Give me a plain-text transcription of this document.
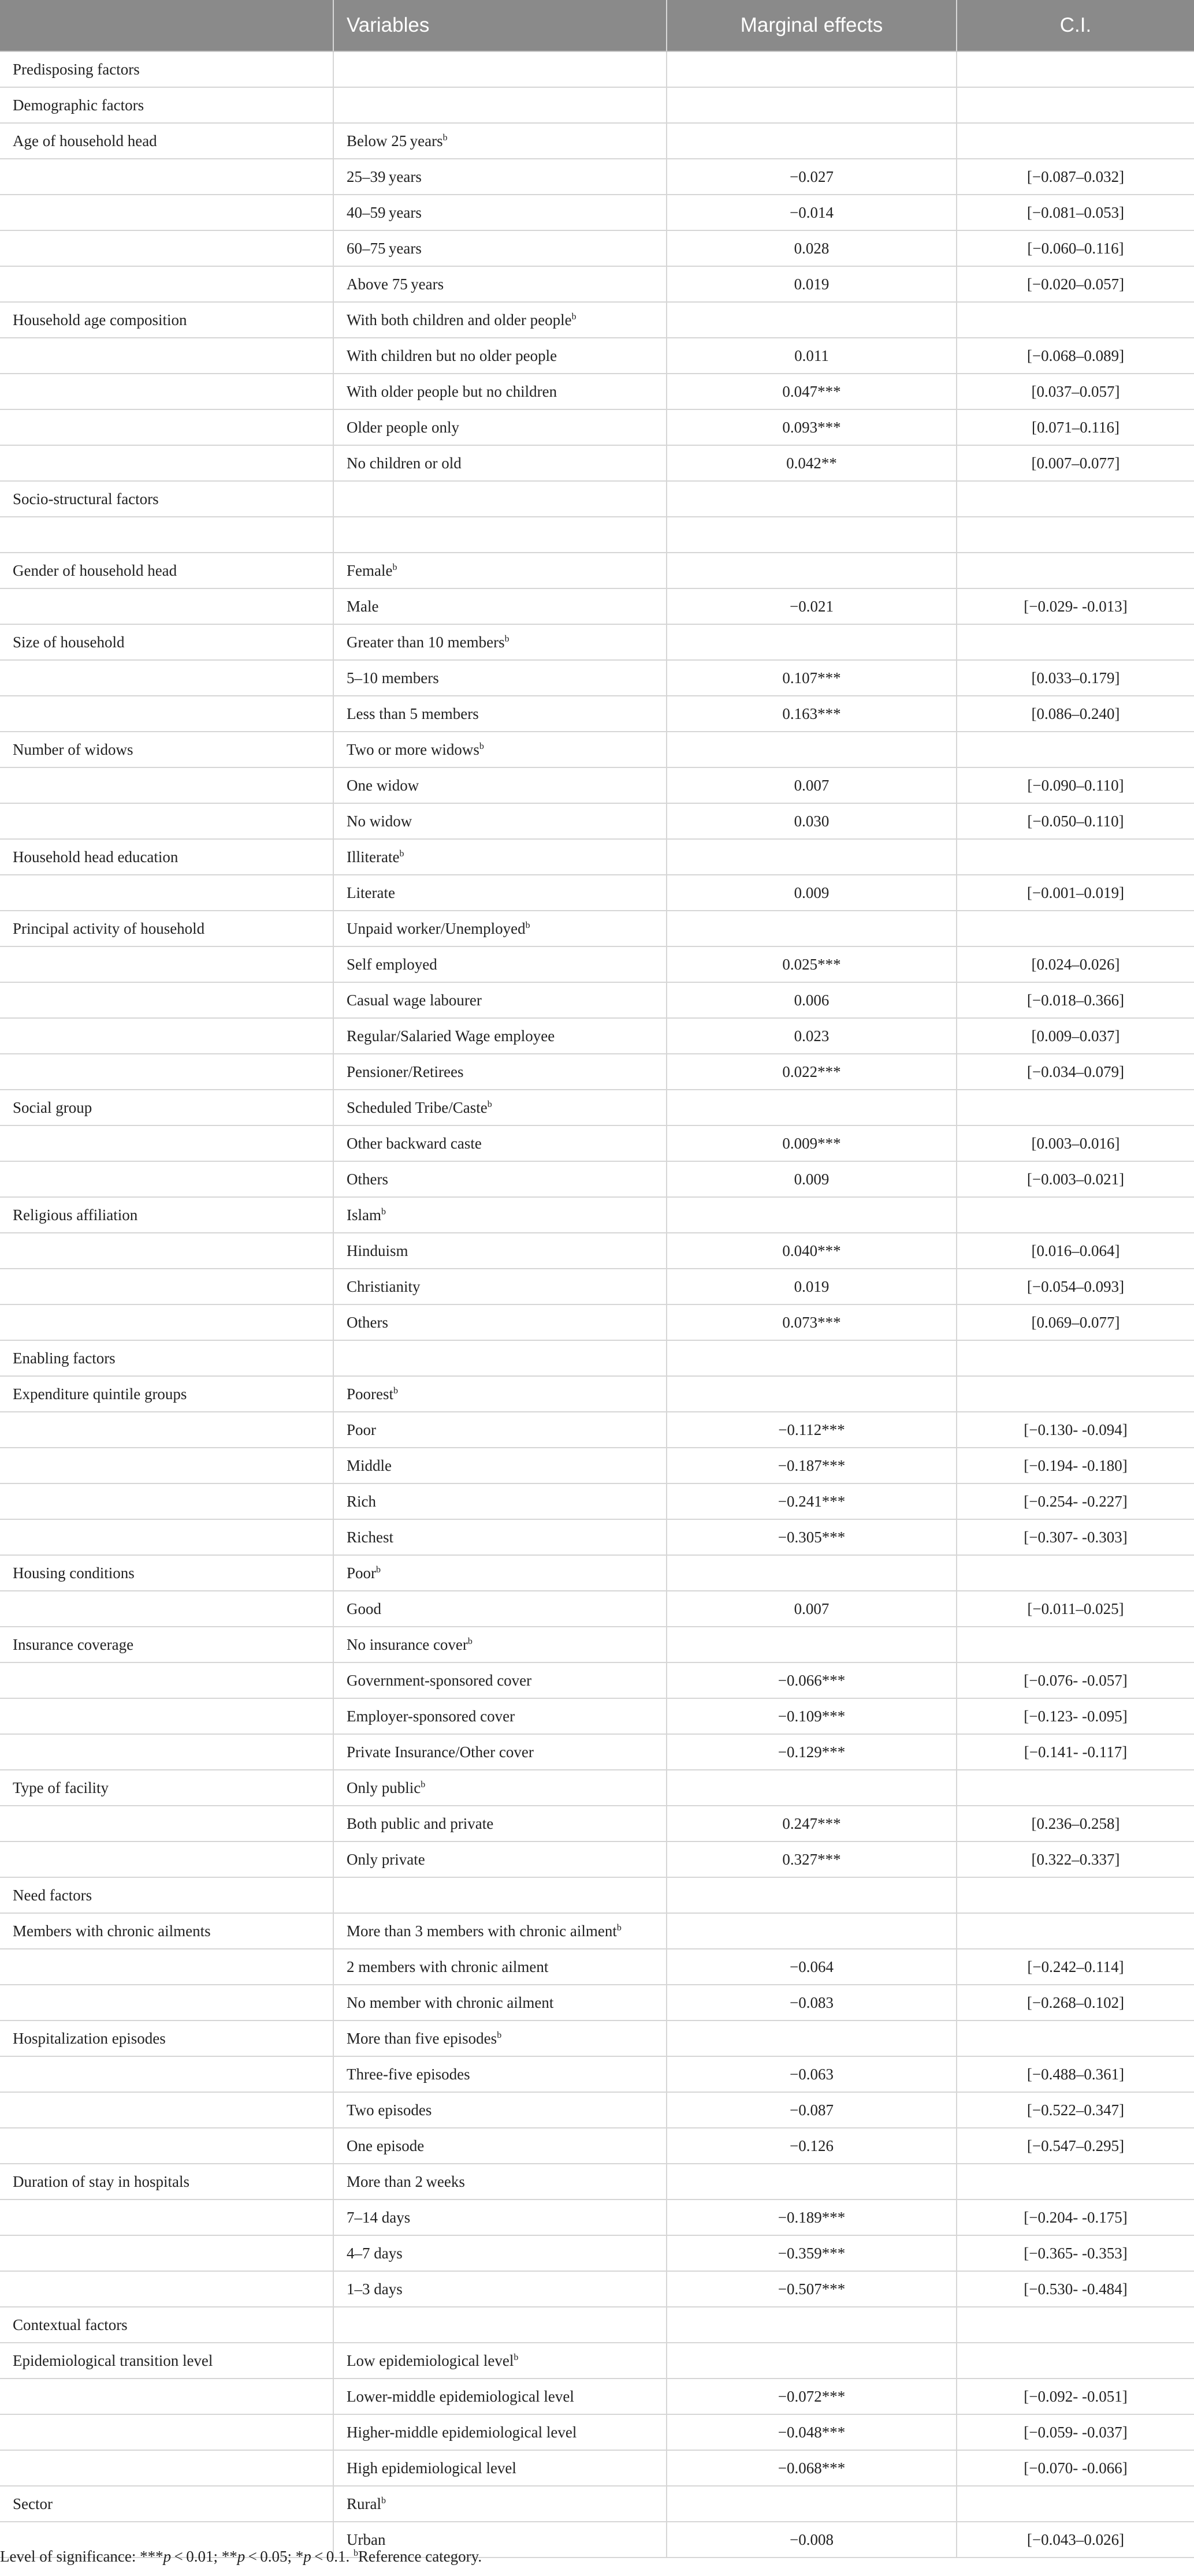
	Variables	Marginal effects	C.I.
Predisposing factors			
Demographic factors			
Age of household head	Below 25 years$^b$		
	25–39 years	−0.027	[−0.087–0.032]
	40–59 years	−0.014	[−0.081–0.053]
	60–75 years	0.028	[−0.060–0.116]
	Above 75 years	0.019	[−0.020–0.057]
Household age composition	With both children and older people$^b$		
	With children but no older people	0.011	[−0.068–0.089]
	With older people but no children	0.047***	[0.037–0.057]
	Older people only	0.093***	[0.071–0.116]
	No children or old	0.042**	[0.007–0.077]
Socio-structural factors			

Gender of household head	Female$^b$		
	Male	−0.021	[−0.029- -0.013]
Size of household	Greater than 10 members$^b$		
	5–10 members	0.107***	[0.033–0.179]
	Less than 5 members	0.163***	[0.086–0.240]
Number of widows	Two or more widows$^b$		
	One widow	0.007	[−0.090–0.110]
	No widow	0.030	[−0.050–0.110]
Household head education	Illiterate$^b$		
	Literate	0.009	[−0.001–0.019]
Principal activity of household	Unpaid worker/Unemployed$^b$		
	Self employed	0.025***	[0.024–0.026]
	Casual wage labourer	0.006	[−0.018–0.366]
	Regular/Salaried Wage employee	0.023	[0.009–0.037]
	Pensioner/Retirees	0.022***	[−0.034–0.079]
Social group	Scheduled Tribe/Caste$^b$		
	Other backward caste	0.009***	[0.003–0.016]
	Others	0.009	[−0.003–0.021]
Religious affiliation	Islam$^b$		
	Hinduism	0.040***	[0.016–0.064]
	Christianity	0.019	[−0.054–0.093]
	Others	0.073***	[0.069–0.077]
Enabling factors			
Expenditure quintile groups	Poorest$^b$		
	Poor	−0.112***	[−0.130- -0.094]
	Middle	−0.187***	[−0.194- -0.180]
	Rich	−0.241***	[−0.254- -0.227]
	Richest	−0.305***	[−0.307- -0.303]
Housing conditions	Poor$^b$		
	Good	0.007	[−0.011–0.025]
Insurance coverage	No insurance cover$^b$		
	Government-sponsored cover	−0.066***	[−0.076- -0.057]
	Employer-sponsored cover	−0.109***	[−0.123- -0.095]
	Private Insurance/Other cover	−0.129***	[−0.141- -0.117]
Type of facility	Only public$^b$		
	Both public and private	0.247***	[0.236–0.258]
	Only private	0.327***	[0.322–0.337]
Need factors			
Members with chronic ailments	More than 3 members with chronic ailment$^b$		
	2 members with chronic ailment	−0.064	[−0.242–0.114]
	No member with chronic ailment	−0.083	[−0.268–0.102]
Hospitalization episodes	More than five episodes$^b$		
	Three-five episodes	−0.063	[−0.488–0.361]
	Two episodes	−0.087	[−0.522–0.347]
	One episode	−0.126	[−0.547–0.295]
Duration of stay in hospitals	More than 2 weeks		
	7–14 days	−0.189***	[−0.204- -0.175]
	4–7 days	−0.359***	[−0.365- -0.353]
	1–3 days	−0.507***	[−0.530- -0.484]
Contextual factors			
Epidemiological transition level	Low epidemiological level$^b$		
	Lower-middle epidemiological level	−0.072***	[−0.092- -0.051]
	Higher-middle epidemiological level	−0.048***	[−0.059- -0.037]
	High epidemiological level	−0.068***	[−0.070- -0.066]
Sector	Rural$^b$		
	Urban	−0.008	[−0.043–0.026]
Level of significance: ***p < 0.01; **p < 0.05; *p < 0.1. $^b$Reference category.
